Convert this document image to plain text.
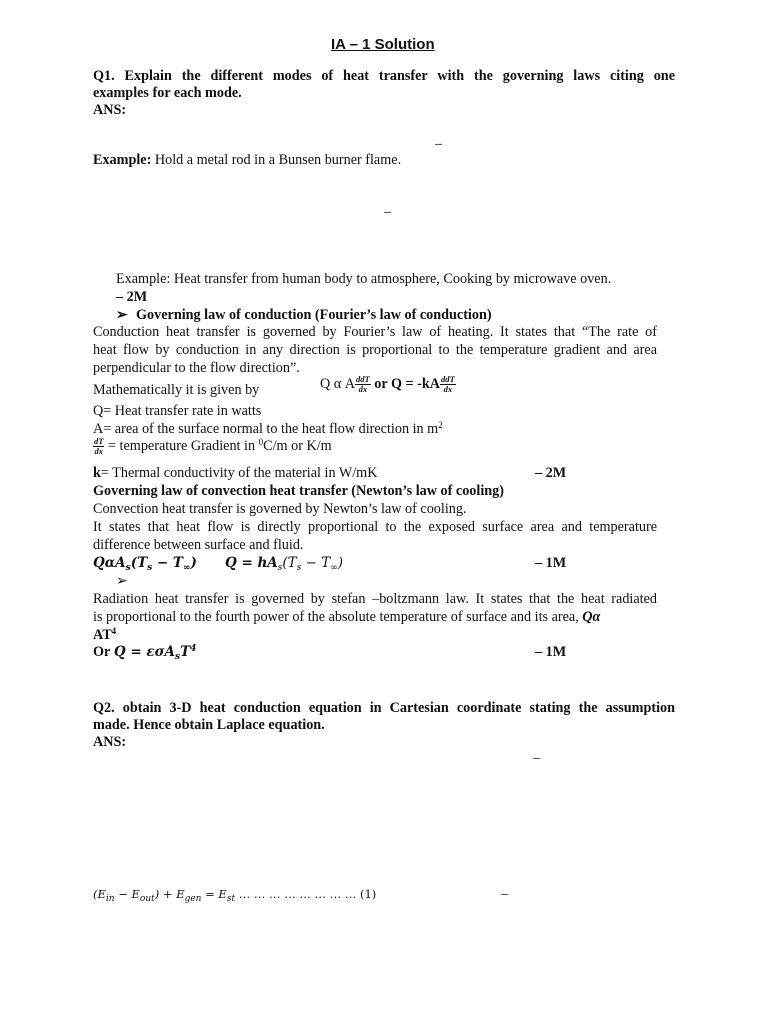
IA – 1 Solution
Q1. Explain the different modes of heat transfer with the governing laws citing one
examples for each mode.
ANS:
–
Example: Hold a metal rod in a Bunsen burner flame.
–
Example: Heat transfer from human body to atmosphere, Cooking by microwave oven.
– 2M
➢ Governing law of conduction (Fourier’s law of conduction)
Conduction heat transfer is governed by Fourier’s law of heating. It states that “The rate of
heat flow by conduction in any direction is proportional to the temperature gradient and area
perpendicular to the flow direction”.
Mathematically it is given by	Q α A $\frac{\text{ddT}}{dx}$ or $Q = -kA \frac{\text{ddT}}{dx}$
Q= Heat transfer rate in watts
A= area of the surface normal to the heat flow direction in $m^2$
$\frac{dT}{dx}$ = temperature Gradient in $^0$C/m or K/m
k= Thermal conductivity of the material in W/mK	– 2M
Governing law of convection heat transfer (Newton’s law of cooling)
Convection heat transfer is governed by Newton’s law of cooling.
It states that heat flow is directly proportional to the exposed surface area and temperature
difference between surface and fluid.
$Q\alpha A_s(T_s - T_\infty) Q = hA_s(T_s - T_\infty)$	– 1M
➢
Radiation heat transfer is governed by stefan –boltzmann law. It states that the heat radiated
is proportional to the fourth power of the absolute temperature of surface and its area, Qα
$AT^4$
Or $Q = \varepsilon\sigma A_sT^4$	– 1M
Q2. obtain 3-D heat conduction equation in Cartesian coordinate stating the assumption
made. Hence obtain Laplace equation.
ANS:
–
$(E_{in} - E_{out}) + E_{gen} = E_{st}$ … … … … … … … … (1)	–
